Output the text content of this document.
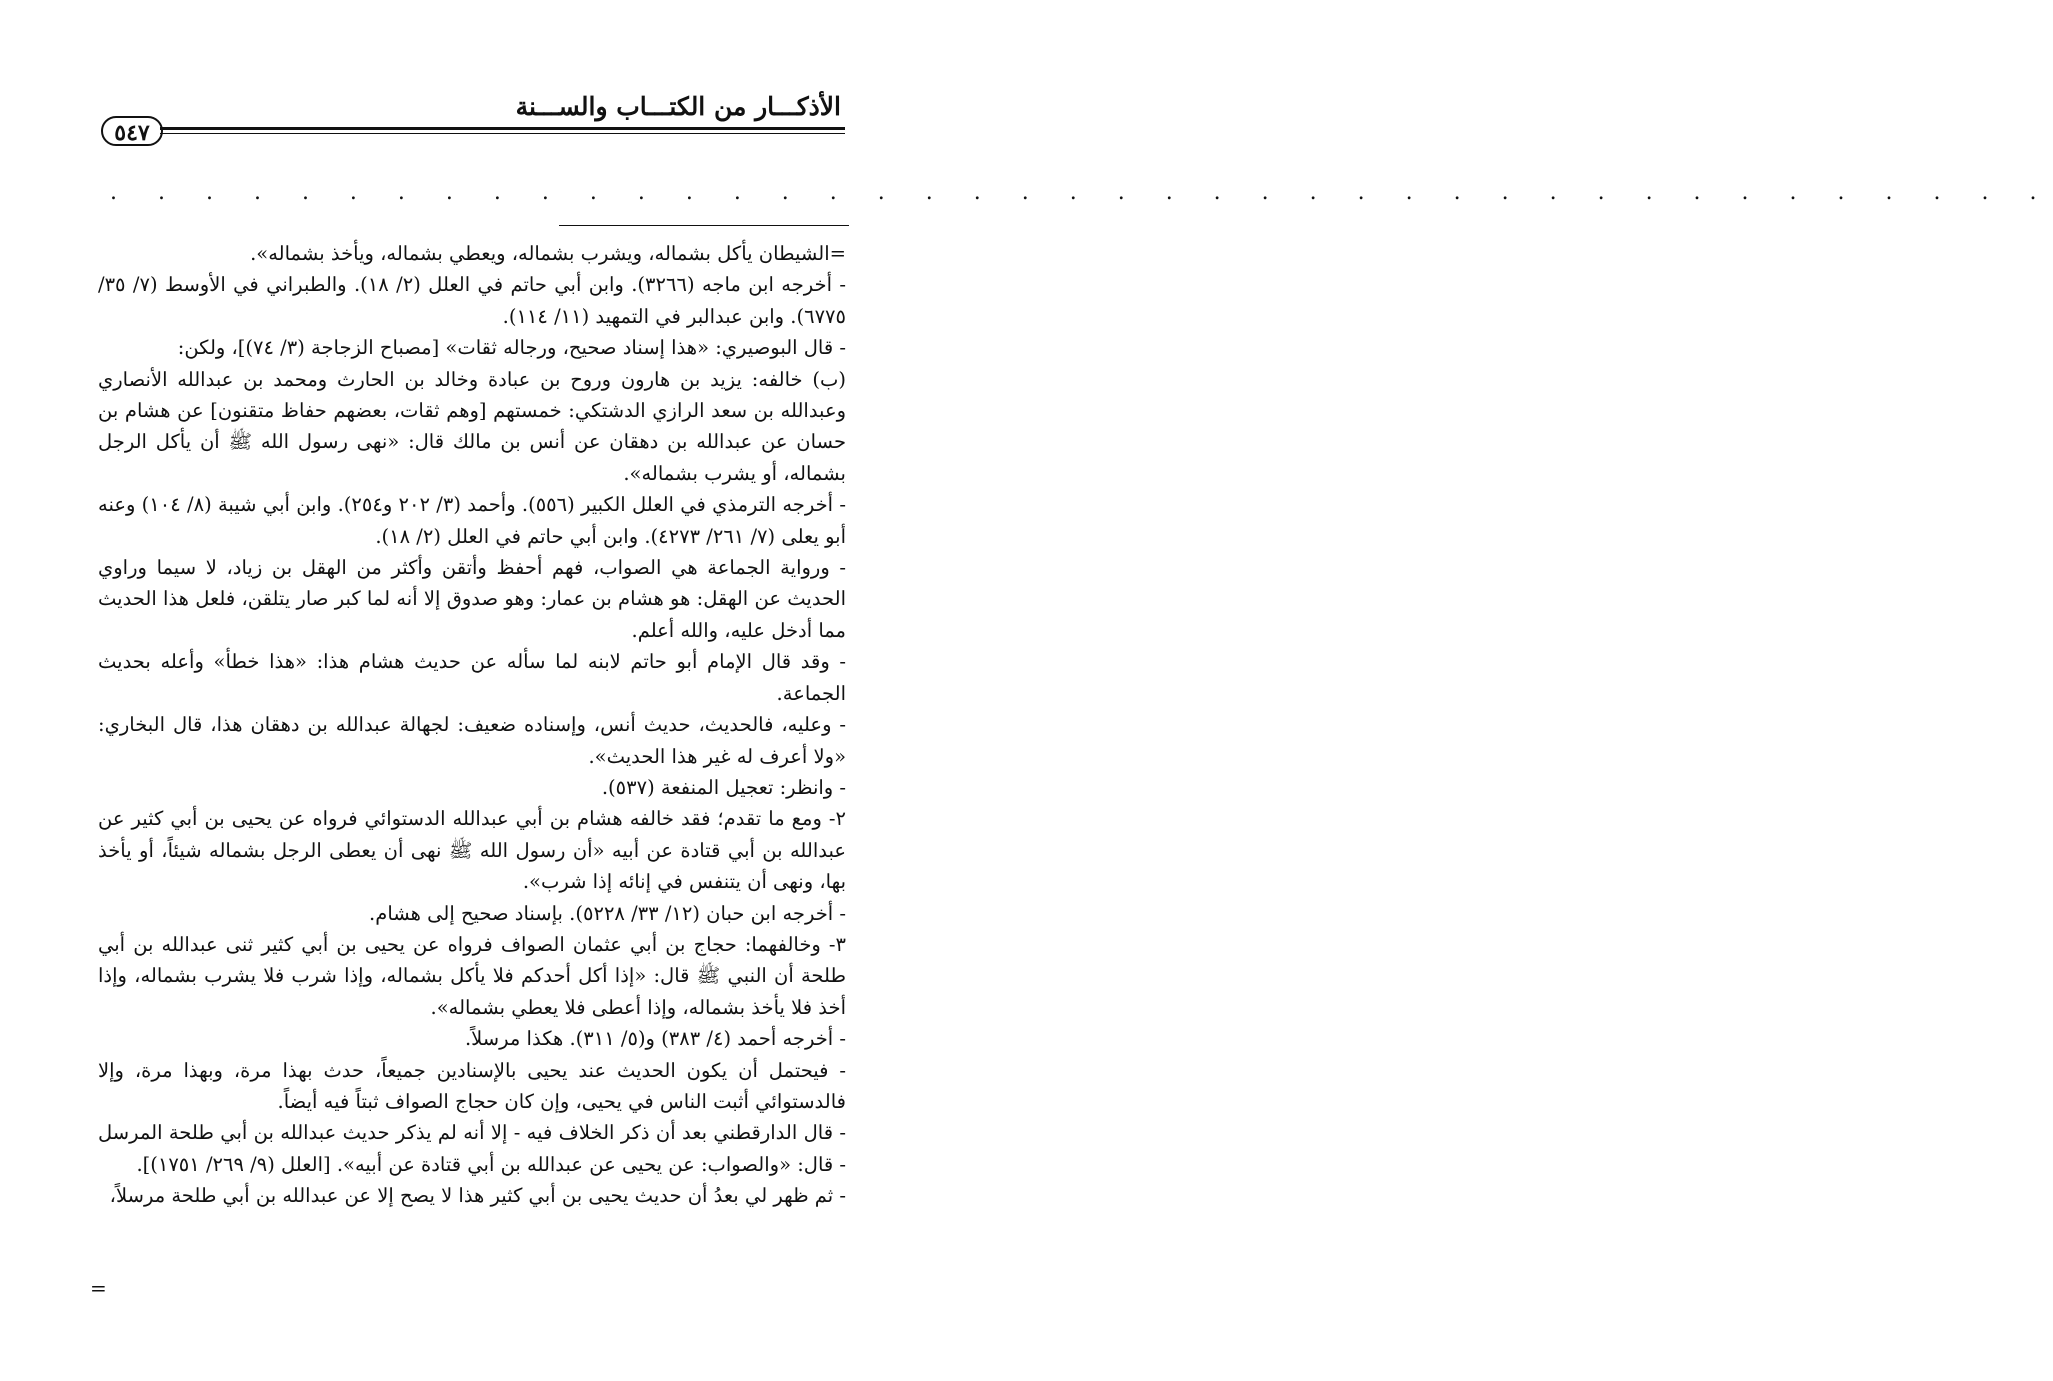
الأذكـــار من الكتـــاب والســـنة
٥٤٧
. . . . . . . . . . . . . . . . . . . . . . . . . . . . . . . . . . . . . . . . .

=الشيطان يأكل بشماله، ويشرب بشماله، ويعطي بشماله، ويأخذ بشماله».

- أخرجه ابن ماجه (٣٢٦٦). وابن أبي حاتم في العلل (٢/ ١٨). والطبراني في الأوسط (٧/ ٣٥/ ٦٧٧٥). وابن عبدالبر في التمهيد (١١/ ١١٤).

- قال البوصيري: «هذا إسناد صحيح، ورجاله ثقات» [مصباح الزجاجة (٣/ ٧٤)]، ولكن:

(ب) خالفه: يزيد بن هارون وروح بن عبادة وخالد بن الحارث ومحمد بن عبدالله الأنصاري وعبدالله بن سعد الرازي الدشتكي: خمستهم [وهم ثقات، بعضهم حفاظ متقنون] عن هشام بن حسان عن عبدالله بن دهقان عن أنس بن مالك قال: «نهى رسول الله ﷺ أن يأكل الرجل بشماله، أو يشرب بشماله».

- أخرجه الترمذي في العلل الكبير (٥٥٦). وأحمد (٣/ ٢٠٢ و٢٥٤). وابن أبي شيبة (٨/ ١٠٤) وعنه أبو يعلى (٧/ ٢٦١/ ٤٢٧٣). وابن أبي حاتم في العلل (٢/ ١٨).

- ورواية الجماعة هي الصواب، فهم أحفظ وأتقن وأكثر من الهقل بن زياد، لا سيما وراوي الحديث عن الهقل: هو هشام بن عمار: وهو صدوق إلا أنه لما كبر صار يتلقن، فلعل هذا الحديث مما أدخل عليه، والله أعلم.

- وقد قال الإمام أبو حاتم لابنه لما سأله عن حديث هشام هذا: «هذا خطأ» وأعله بحديث الجماعة.

- وعليه، فالحديث، حديث أنس، وإسناده ضعيف: لجهالة عبدالله بن دهقان هذا، قال البخاري: «ولا أعرف له غير هذا الحديث».

- وانظر: تعجيل المنفعة (٥٣٧).

٢- ومع ما تقدم؛ فقد خالفه هشام بن أبي عبدالله الدستوائي فرواه عن يحيى بن أبي كثير عن عبدالله بن أبي قتادة عن أبيه «أن رسول الله ﷺ نهى أن يعطى الرجل بشماله شيئاً، أو يأخذ بها، ونهى أن يتنفس في إنائه إذا شرب».

- أخرجه ابن حبان (١٢/ ٣٣/ ٥٢٢٨). بإسناد صحيح إلى هشام.

٣- وخالفهما: حجاج بن أبي عثمان الصواف فرواه عن يحيى بن أبي كثير ثنى عبدالله بن أبي طلحة أن النبي ﷺ قال: «إذا أكل أحدكم فلا يأكل بشماله، وإذا شرب فلا يشرب بشماله، وإذا أخذ فلا يأخذ بشماله، وإذا أعطى فلا يعطي بشماله».

- أخرجه أحمد (٤/ ٣٨٣) و(٥/ ٣١١). هكذا مرسلاً.

- فيحتمل أن يكون الحديث عند يحيى بالإسنادين جميعاً، حدث بهذا مرة، وبهذا مرة، وإلا فالدستوائي أثبت الناس في يحيى، وإن كان حجاج الصواف ثبتاً فيه أيضاً.

- قال الدارقطني بعد أن ذكر الخلاف فيه - إلا أنه لم يذكر حديث عبدالله بن أبي طلحة المرسل - قال: «والصواب: عن يحيى عن عبدالله بن أبي قتادة عن أبيه». [العلل (٩/ ٢٦٩/ ١٧٥١)].

- ثم ظهر لي بعدُ أن حديث يحيى بن أبي كثير هذا لا يصح إلا عن عبدالله بن أبي طلحة مرسلاً،

=
